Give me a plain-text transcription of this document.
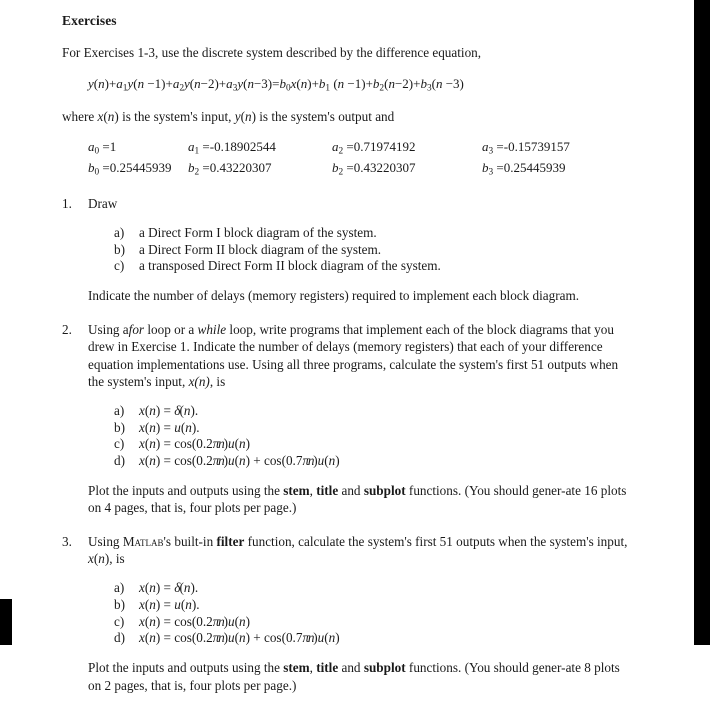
Exercises

For Exercises 1-3, use the discrete system described by the difference equation,

$y(n)+a_1y(n -1)+a_2y(n-2)+a_3y(n-3)=b_0x(n)+b_1$ $(n -1)+b_2(n-2)+b_3(n -3)$

where x(n) is the system's input, y(n) is the system's output and

$a_0 =1$	$a_1 =-0.18902544$	$a_2 =0.71974192$	$a_3 =-0.15739157$
$b_0 =0.25445939$	$b_2 =0.43220307$	$b_2 =0.43220307$	$b_3 =0.25445939$
1.	Draw

a)	a Direct Form I block diagram of the system.
b)	a Direct Form II block diagram of the system.
c)	a transposed Direct Form II block diagram of the system.

Indicate the number of delays (memory registers) required to implement each block diagram.

2.	Using afor loop or a while loop, write programs that implement each of the block diagrams that you drew in Exercise 1. Indicate the number of delays (memory registers) that each of your difference equation implementations use. Using all three programs, calculate the system's first 51 outputs when the system's input, x(n), is

a)	x(n) = δ(n).
b)	x(n) = u(n).
c)	x(n) = cos(0.2πn)u(n)
d)	x(n) = cos(0.2πn)u(n) + cos(0.7πn)u(n)

Plot the inputs and outputs using the stem, title and subplot functions. (You should gener-ate 16 plots on 4 pages, that is, four plots per page.)

3.	Using Matlab's built-in filter function, calculate the system's first 51 outputs when the system's input, x(n), is

a)	x(n) = δ(n).
b)	x(n) = u(n).
c)	x(n) = cos(0.2πn)u(n)
d)	x(n) = cos(0.2πn)u(n) + cos(0.7πn)u(n)

Plot the inputs and outputs using the stem, title and subplot functions. (You should gener-ate 8 plots on 2 pages, that is, four plots per page.)
